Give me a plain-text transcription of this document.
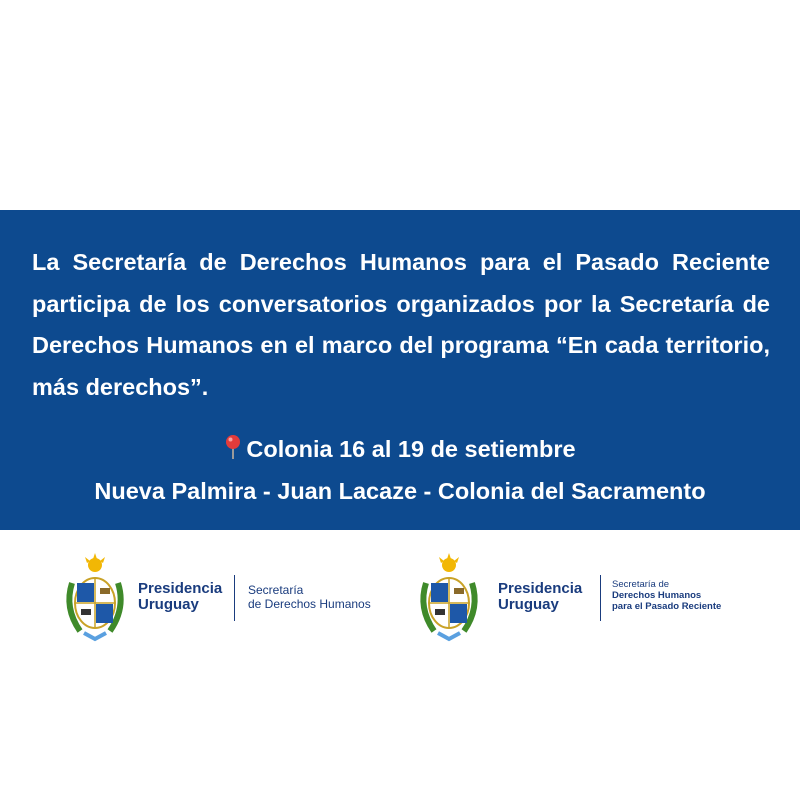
La Secretaría de Derechos Humanos para el Pasado Reciente participa de los conversatorios organizados por la Secretaría de Derechos Humanos en el marco del programa “En cada territorio, más derechos”.

Colonia 16 al 19 de setiembre

Nueva Palmira - Juan Lacaze - Colonia del Sacramento

Presidencia
Uruguay
Secretaría
de Derechos Humanos
Presidencia
Uruguay
Secretaría de
Derechos Humanos
para el Pasado Reciente
